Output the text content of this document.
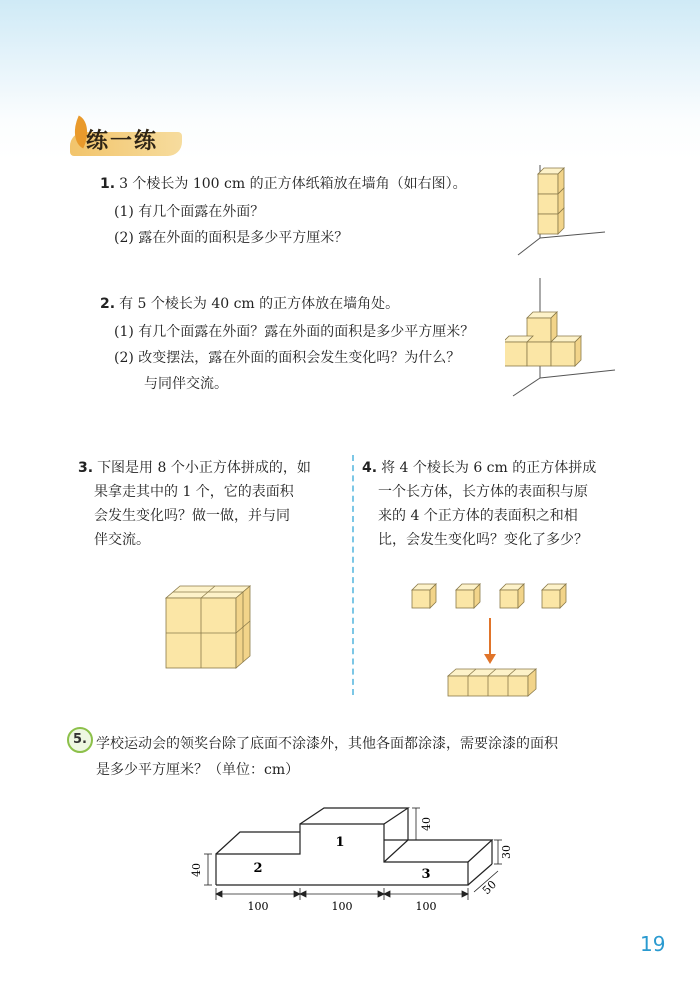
练一练
1. 3 个棱长为 100 cm 的正方体纸箱放在墙角（如右图）。
(1) 有几个面露在外面？
(2) 露在外面的面积是多少平方厘米？
2. 有 5 个棱长为 40 cm 的正方体放在墙角处。
(1) 有几个面露在外面？露在外面的面积是多少平方厘米？
(2) 改变摆法，露在外面的面积会发生变化吗？为什么？
与同伴交流。
3. 下图是用 8 个小正方体拼成的，如
果拿走其中的 1 个，它的表面积
会发生变化吗？做一做，并与同
伴交流。
4. 将 4 个棱长为 6 cm 的正方体拼成
一个长方体，长方体的表面积与原
来的 4 个正方体的表面积之和相
比，会发生变化吗？变化了多少？
5. 学校运动会的领奖台除了底面不涂漆外，其他各面都涂漆，需要涂漆的面积
是多少平方厘米？（单位：cm）
1
2	3
40
40
30
50
100	100	100
19
